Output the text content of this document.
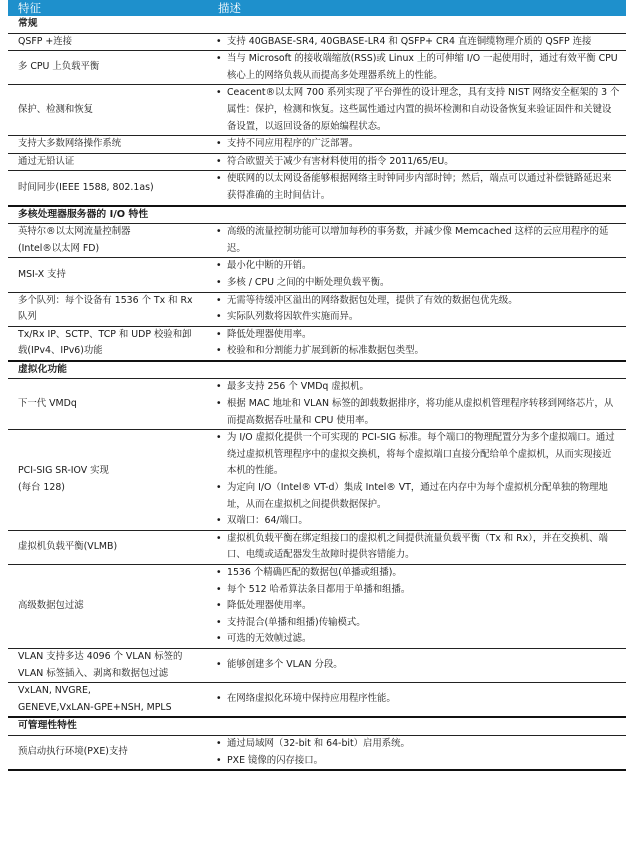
特征	描述
常规	

QSFP +连接	• 支持 40GBASE-SR4, 40GBASE-LR4 和 QSFP+ CR4 直连铜缆物理介质的 QSFP 连接

多 CPU 上负载平衡	• 当与 Microsoft 的接收端缩放(RSS)或 Linux 上的可伸缩 I/O 一起使用时，通过有效平衡 CPU 核心上的网络负载从而提高多处理器系统上的性能。

保护、检测和恢复	• Ceacent®以太网 700 系列实现了平台弹性的设计理念，具有支持 NIST 网络安全框架的 3 个属性：保护，检测和恢复。这些属性通过内置的损坏检测和自动设备恢复来验证固件和关键设备设置，以返回设备的原始编程状态。

支持大多数网络操作系统	• 支持不同应用程序的广泛部署。

通过无铅认证	• 符合欧盟关于减少有害材料使用的指令 2011/65/EU。

时间同步(IEEE 1588, 802.1as)	• 使联网的以太网设备能够根据网络主时钟同步内部时钟；然后，端点可以通过补偿链路延迟来获得准确的主时间估计。

多核处理器服务器的 I/O 特性	

英特尔®以太网流量控制器
(Intel®以太网 FD)	• 高级的流量控制功能可以增加每秒的事务数，并减少像 Memcached 这样的云应用程序的延迟。

MSI-X 支持	• 最小化中断的开销。
• 多核 / CPU 之间的中断处理负载平衡。

多个队列：每个设备有 1536 个 Tx 和 Rx
队列	• 无需等待缓冲区溢出的网络数据包处理，提供了有效的数据包优先级。
• 实际队列数将因软件实施而异。

Tx/Rx IP、SCTP、TCP 和 UDP 校验和卸
载(IPv4、IPv6)功能	• 降低处理器使用率。
• 校验和和分割能力扩展到新的标准数据包类型。

虚拟化功能	

下一代 VMDq	• 最多支持 256 个 VMDq 虚拟机。
• 根据 MAC 地址和 VLAN 标签的卸载数据排序，将功能从虚拟机管理程序转移到网络芯片，从而提高数据吞吐量和 CPU 使用率。

PCI-SIG SR-IOV 实现
(每台 128)	• 为 I/O 虚拟化提供一个可实现的 PCI-SIG 标准。每个端口的物理配置分为多个虚拟端口。通过绕过虚拟机管理程序中的虚拟交换机，将每个虚拟端口直接分配给单个虚拟机，从而实现接近本机的性能。
• 为定向 I/O（Intel® VT-d）集成 Intel® VT，通过在内存中为每个虚拟机分配单独的物理地址，从而在虚拟机之间提供数据保护。
• 双端口：64/端口。

虚拟机负载平衡(VLMB)	• 虚拟机负载平衡在绑定组接口的虚拟机之间提供流量负载平衡（Tx 和 Rx），并在交换机、端口、电缆或适配器发生故障时提供容错能力。

高级数据包过滤	• 1536 个精确匹配的数据包(单播或组播)。
• 每个 512 哈希算法条目都用于单播和组播。
• 降低处理器使用率。
• 支持混合(单播和组播)传输模式。
• 可选的无效帧过滤。

VLAN 支持多达 4096 个 VLAN 标签的
VLAN 标签插入、剥离和数据包过滤	• 能够创建多个 VLAN 分段。

VxLAN, NVGRE,
GENEVE,VxLAN-GPE+NSH, MPLS	• 在网络虚拟化环境中保持应用程序性能。

可管理性特性	

预启动执行环境(PXE)支持	• 通过局域网（32-bit 和 64-bit）启用系统。
• PXE 镜像的闪存接口。
